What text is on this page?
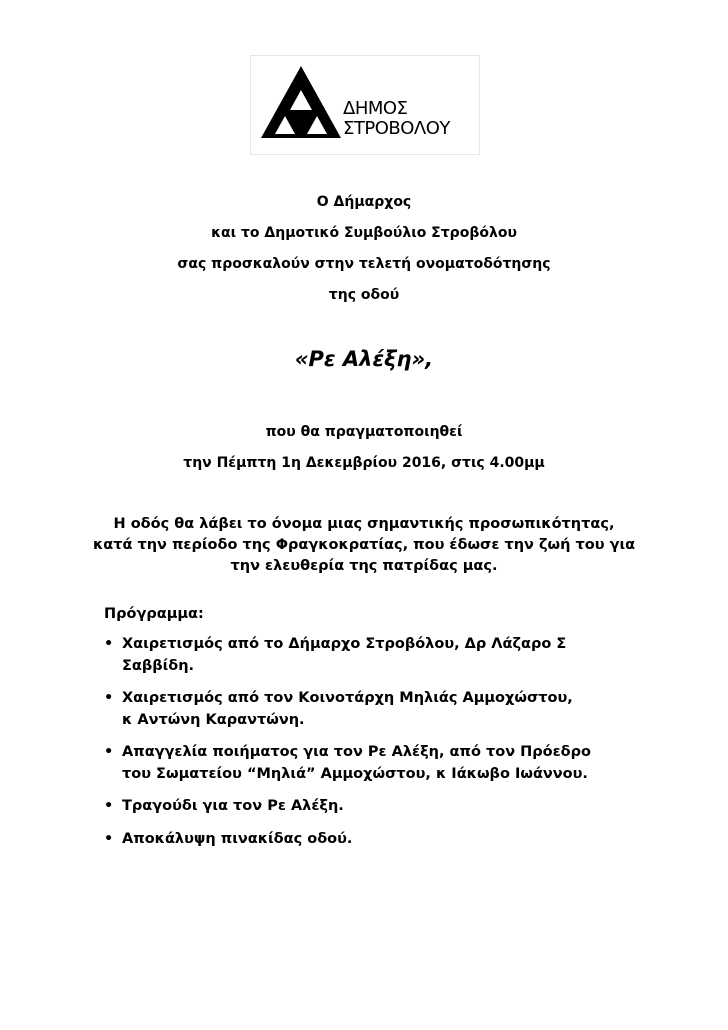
ΔΗΜΟΣ
ΣΤΡΟΒΟΛΟΥ
Ο Δήμαρχος
και το Δημοτικό Συμβούλιο Στροβόλου
σας προσκαλούν στην τελετή ονοματοδότησης
της οδού
«Ρε Αλέξη»,
που θα πραγματοποιηθεί
την Πέμπτη 1η Δεκεμβρίου 2016, στις 4.00μμ
Η οδός θα λάβει το όνομα μιας σημαντικής προσωπικότητας,
κατά την περίοδο της Φραγκοκρατίας, που έδωσε την ζωή του για
την ελευθερία της πατρίδας μας.
Πρόγραμμα:
• Χαιρετισμός από το Δήμαρχο Στροβόλου, Δρ Λάζαρο Σ
Σαββίδη.
• Χαιρετισμός από τον Κοινοτάρχη Μηλιάς Αμμοχώστου,
κ Αντώνη Καραντώνη.
• Απαγγελία ποιήματος για τον Ρε Αλέξη, από τον Πρόεδρο
του Σωματείου “Μηλιά” Αμμοχώστου, κ Ιάκωβο Ιωάννου.
• Τραγούδι για τον Ρε Αλέξη.
• Αποκάλυψη πινακίδας οδού.
